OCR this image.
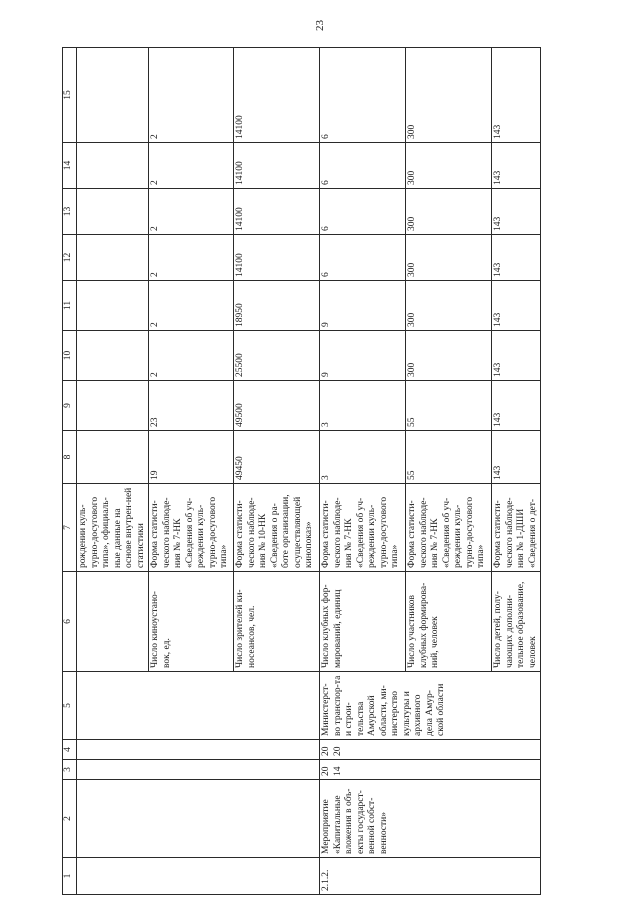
23
1	2	3	4	5	6	7	8	9	10	11	12	13	14	15
						рождении куль-турно-досугового типа», официаль-ные данные на основе внутрен-ней статистики								
					Число киноустано-вок, ед.	Форма статисти-ческого наблюде-ния № 7-НК «Сведения об уч-реждении куль-турно-досугового типа»	19	23	2	2	2	2	2	2
					Число зрителей ки-носеансов, чел.	Форма статисти-ческого наблюде-ния № 10-НК «Сведения о ра-боте организации, осуществляющей кинопоказ»	49450	49500	25500	18950	14100	14100	14100	14100
2.1.2.	Мероприятие «Капитальные вложения в объ-екты государст-венной собст-венности»	2014	2020	Министерст-во транспор-та и строи-тельства Амурской области, ми-нистерство культуры и архивного дела Амур-ской области	Число клубных фор-мирований, единиц	Форма статисти-ческого наблюде-ния № 7-НК «Сведения об уч-реждении куль-турно-досугового типа»	3	3	9	9	6	6	6	6
					Число участников клубных формирова-ний, человек	Форма статисти-ческого наблюде-ния № 7-НК «Сведения об уч-реждении куль-турно-досугового типа»	55	55	300	300	300	300	300	300
					Число детей, полу-чающих дополни-тельное образование, человек	Форма статисти-ческого наблюде-ния № 1-ДШИ «Сведения о дет-	143	143	143	143	143	143	143	143
